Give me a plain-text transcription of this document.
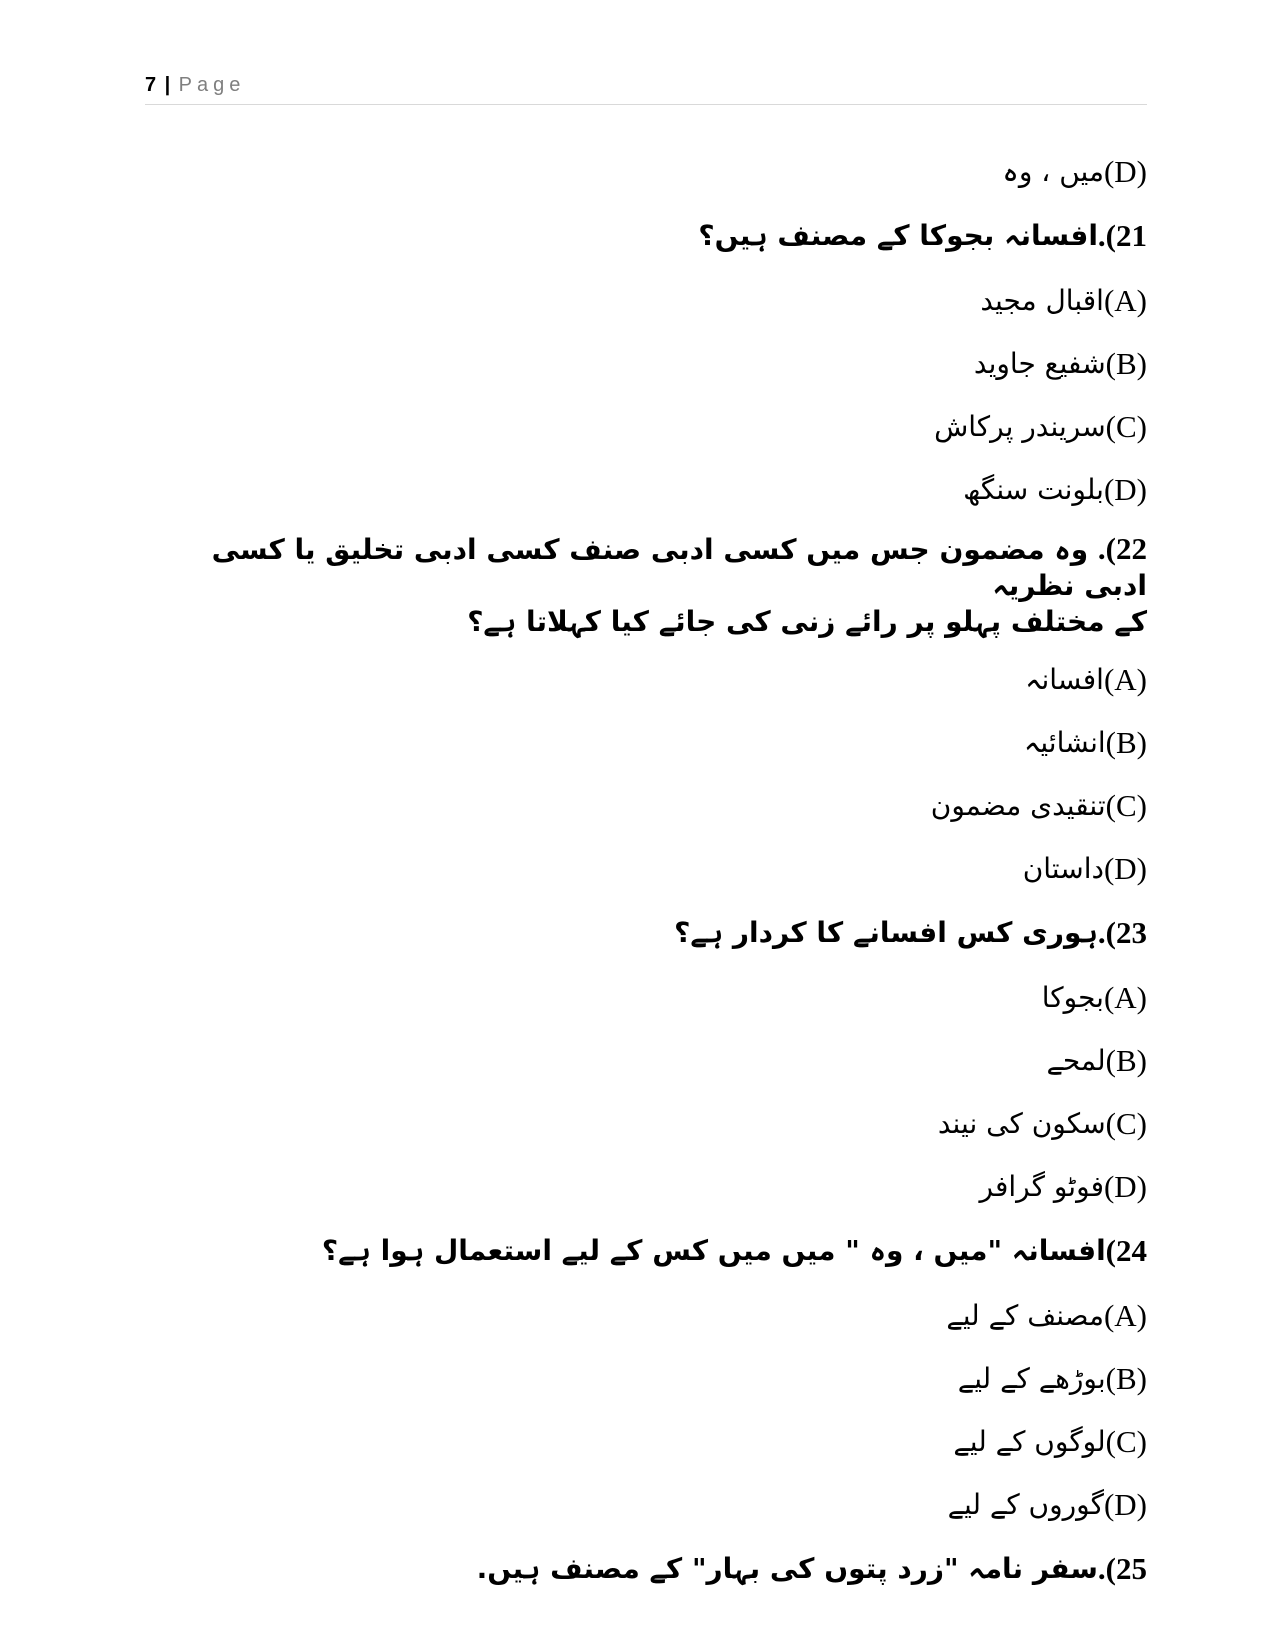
7 | Page
(D)
میں ، وہ
21).
افسانہ بجوکا کے مصنف ہیں؟
(A)
اقبال مجید
(B)
شفیع جاوید
(C)
سریندر پرکاش
(D)
بلونت سنگھ
22). وہ مضمون جس میں کسی ادبی صنف کسی ادبی تخلیق یا کسی ادبی نظریہ
کے مختلف پہلو پر رائے زنی کی جائے کیا کہلاتا ہے؟
(A)
افسانہ
(B)
انشائیہ
(C)
تنقیدی مضمون
(D)
داستان
23).
ہوری کس افسانے کا کردار ہے؟
(A)
بجوکا
(B)
لمحے
(C)
سکون کی نیند
(D)
فوٹو گرافر
24)
افسانہ "میں ، وہ " میں میں کس کے لیے استعمال ہوا ہے؟
(A)
مصنف کے لیے
(B)
بوڑھے کے لیے
(C)
لوگوں کے لیے
(D)
گوروں کے لیے
25).
سفر نامہ "زرد پتوں کی بہار" کے مصنف ہیں.
